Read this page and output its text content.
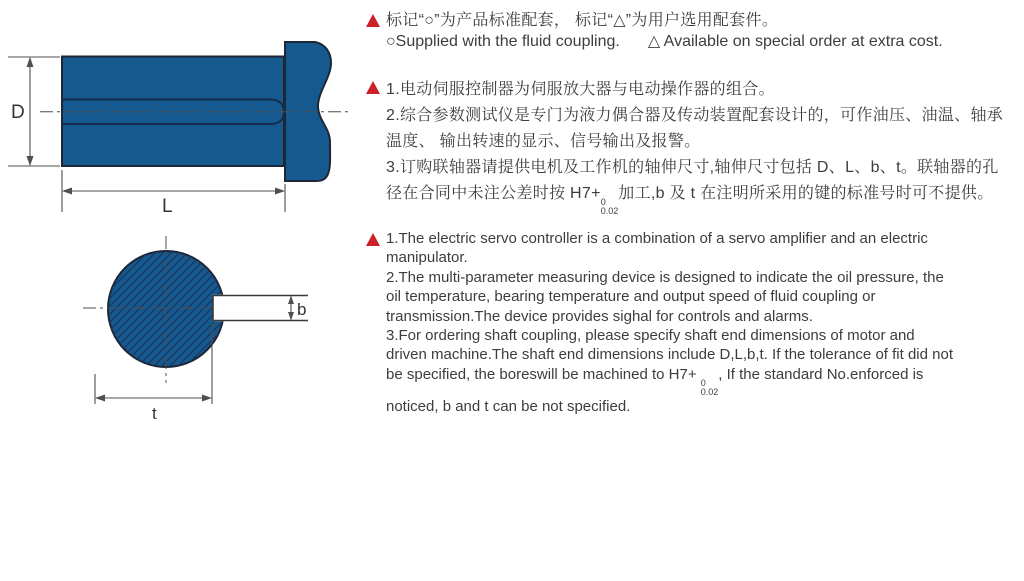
D
L
b
t
标记“○”为产品标准配套， 标记“△”为用户选用配套件。
○Supplied with the fluid coupling. △ Available on special order at extra cost.
1.电动伺服控制器为伺服放大器与电动操作器的组合。
2.综合参数测试仪是专门为液力偶合器及传动装置配套设计的，可作油压、油温、轴承
温度、 输出转速的显示、信号输出及报警。
3.订购联轴器请提供电机及工作机的轴伸尺寸,轴伸尺寸包括 D、L、b、t。联轴器的孔
径在合同中未注公差时按 H7+ 0
0.02
加工,b 及 t 在注明所采用的键的标准号时可不提供。
1.The electric servo controller is a combination of a servo amplifier and an electric
manipulator.
2.The multi-parameter measuring device is designed to indicate the oil pressure, the
oil temperature, bearing temperature and output speed of fluid coupling or
transmission.The device provides sighal for controls and alarms.
3.For ordering shaft coupling, please specify shaft end dimensions of motor and
driven machine.The shaft end dimensions include D,L,b,t. If the tolerance of fit did not
be specified, the boreswill be machined to H7+ 0
0.02
, If the standard No.enforced is
noticed, b and t can be not specified.
